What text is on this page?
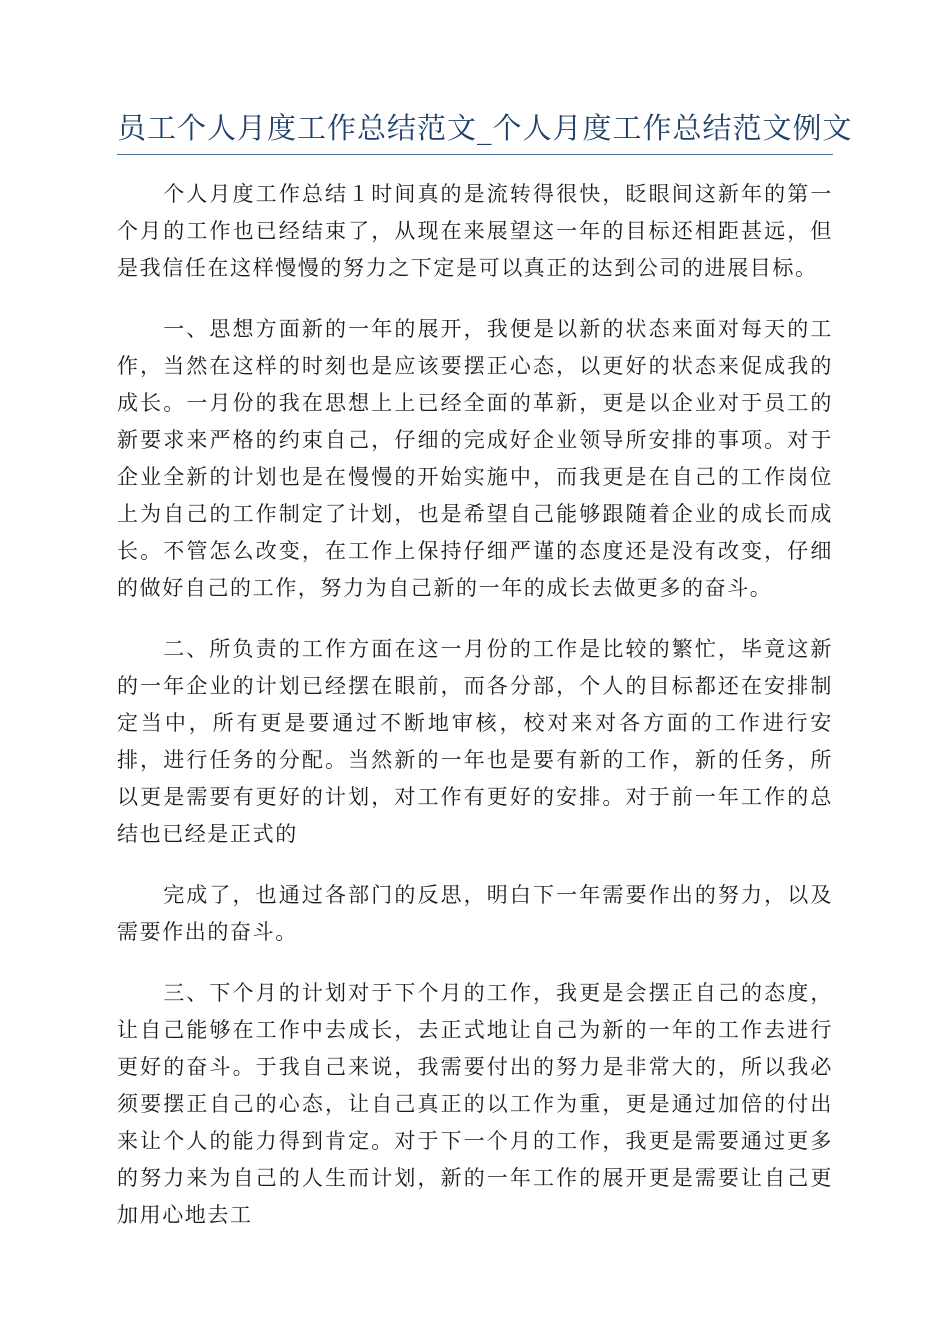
员工个人月度工作总结范文_个人月度工作总结范文例文

个人月度工作总结１时间真的是流转得很快，眨眼间这新年的第一个月的工作也已经结束了，从现在来展望这一年的目标还相距甚远，但是我信任在这样慢慢的努力之下定是可以真正的达到公司的进展目标。

一、思想方面新的一年的展开，我便是以新的状态来面对每天的工作，当然在这样的时刻也是应该要摆正心态，以更好的状态来促成我的成长。一月份的我在思想上上已经全面的革新，更是以企业对于员工的新要求来严格的约束自己，仔细的完成好企业领导所安排的事项。对于企业全新的计划也是在慢慢的开始实施中，而我更是在自己的工作岗位上为自己的工作制定了计划，也是希望自己能够跟随着企业的成长而成长。不管怎么改变，在工作上保持仔细严谨的态度还是没有改变，仔细的做好自己的工作，努力为自己新的一年的成长去做更多的奋斗。

二、所负责的工作方面在这一月份的工作是比较的繁忙，毕竟这新的一年企业的计划已经摆在眼前，而各分部，个人的目标都还在安排制定当中，所有更是要通过不断地审核，校对来对各方面的工作进行安排，进行任务的分配。当然新的一年也是要有新的工作，新的任务，所以更是需要有更好的计划，对工作有更好的安排。对于前一年工作的总结也已经是正式的

完成了，也通过各部门的反思，明白下一年需要作出的努力，以及需要作出的奋斗。

三、下个月的计划对于下个月的工作，我更是会摆正自己的态度，让自己能够在工作中去成长，去正式地让自己为新的一年的工作去进行更好的奋斗。于我自己来说，我需要付出的努力是非常大的，所以我必须要摆正自己的心态，让自己真正的以工作为重，更是通过加倍的付出来让个人的能力得到肯定。对于下一个月的工作，我更是需要通过更多的努力来为自己的人生而计划，新的一年工作的展开更是需要让自己更加用心地去工
